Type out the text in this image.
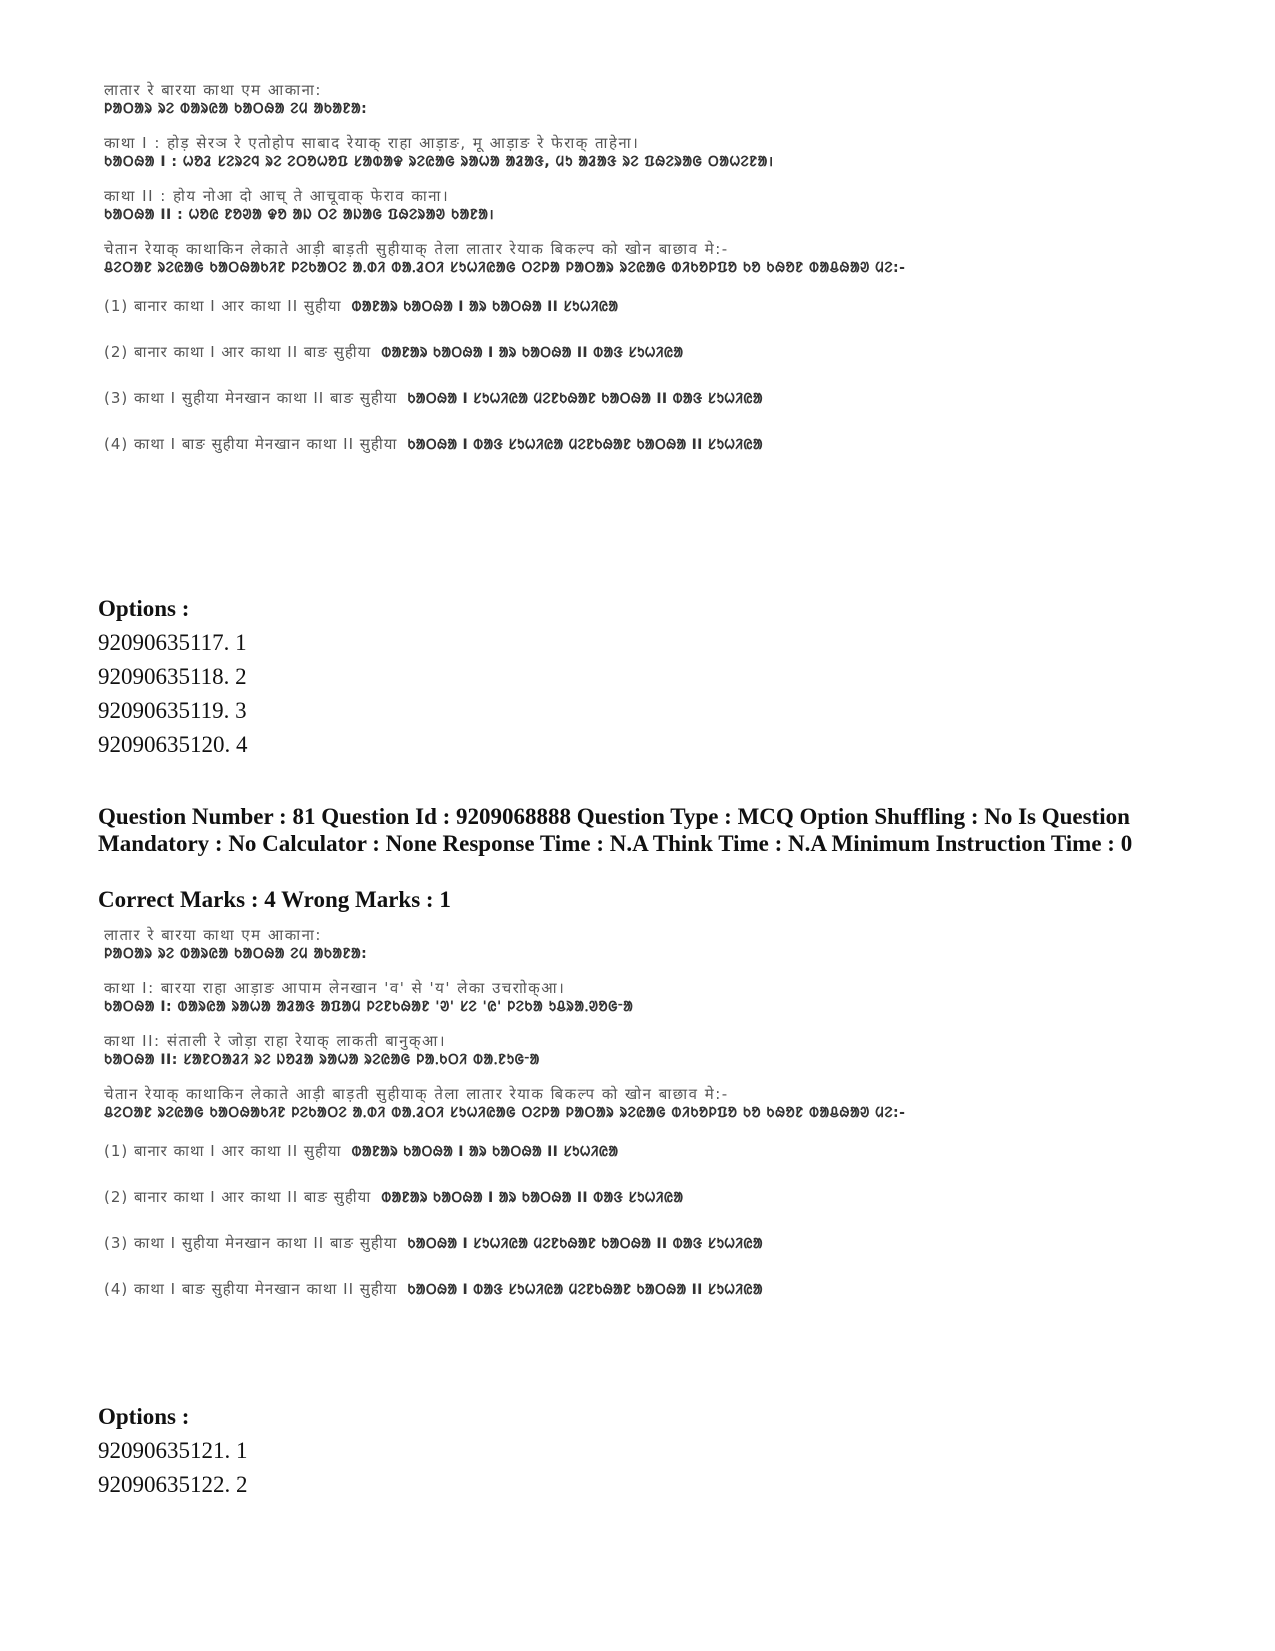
लातार रे बारया काथा एम आकाना:
ᱞᱟᱛᱟᱨ ᱨᱮ ᱵᱟᱨᱭᱟ ᱠᱟᱛᱷᱟ ᱮᱢ ᱟᱠᱟᱱᱟ:
काथा I : होड़ सेरञ रे एतोहोप साबाद रेयाक् राहा आड़ाङ, मू आड़ाङ रे फेराक् ताहेना।
ᱠᱟᱛᱷᱟ I : ᱦᱚᱲ ᱥᱮᱨᱮᱧ ᱨᱮ ᱮᱛᱚᱦᱚᱯ ᱥᱟᱵᱟᱫ ᱨᱮᱭᱟᱜ ᱨᱟᱦᱟ ᱟᱲᱟᱝ, ᱢᱩ ᱟᱲᱟᱝ ᱨᱮ ᱯᱷᱮᱨᱟᱜ ᱛᱟᱦᱮᱱᱟ।
काथा II : होय नोआ दो आच् ते आचूवाक् फेराव काना।
ᱠᱟᱛᱷᱟ II : ᱦᱚᱭ ᱱᱚᱣᱟ ᱫᱚ ᱟᱡ ᱛᱮ ᱟᱡᱟᱜ ᱯᱷᱮᱨᱟᱣ ᱠᱟᱱᱟ।
चेतान रेयाक् काथाकिन लेकाते आड़ी बाड़ती सुहीयाक् तेला लातार रेयाक बिकल्प को खोन बाछाव मे:-
ᱪᱮᱛᱟᱱ ᱨᱮᱭᱟᱜ ᱠᱟᱛᱷᱟᱠᱤᱱ ᱞᱮᱠᱟᱛᱮ ᱟᱹᱰᱤ ᱵᱟᱹᱲᱛᱤ ᱥᱩᱦᱤᱭᱟᱜ ᱛᱮᱞᱟ ᱞᱟᱛᱟᱨ ᱨᱮᱭᱟᱜ ᱵᱤᱠᱚᱞᱯᱚ ᱠᱚ ᱠᱷᱚᱱ ᱵᱟᱪᱷᱟᱣ ᱢᱮ:-
(1) बानार काथा I आर काथा II सुहीया ᱵᱟᱱᱟᱨ ᱠᱟᱛᱷᱟ I ᱟᱨ ᱠᱟᱛᱷᱟ II ᱥᱩᱦᱤᱭᱟ
(2) बानार काथा I आर काथा II बाङ सुहीया ᱵᱟᱱᱟᱨ ᱠᱟᱛᱷᱟ I ᱟᱨ ᱠᱟᱛᱷᱟ II ᱵᱟᱝ ᱥᱩᱦᱤᱭᱟ
(3) काथा I सुहीया मेनखान काथा II बाङ सुहीया ᱠᱟᱛᱷᱟ I ᱥᱩᱦᱤᱭᱟ ᱢᱮᱱᱠᱷᱟᱱ ᱠᱟᱛᱷᱟ II ᱵᱟᱝ ᱥᱩᱦᱤᱭᱟ
(4) काथा I बाङ सुहीया मेनखान काथा II सुहीया ᱠᱟᱛᱷᱟ I ᱵᱟᱝ ᱥᱩᱦᱤᱭᱟ ᱢᱮᱱᱠᱷᱟᱱ ᱠᱟᱛᱷᱟ II ᱥᱩᱦᱤᱭᱟ
Options :
92090635117. 1
92090635118. 2
92090635119. 3
92090635120. 4
Question Number : 81 Question Id : 9209068888 Question Type : MCQ Option Shuffling : No Is Question Mandatory : No Calculator : None Response Time : N.A Think Time : N.A Minimum Instruction Time : 0
Correct Marks : 4 Wrong Marks : 1
लातार रे बारया काथा एम आकाना:
ᱞᱟᱛᱟᱨ ᱨᱮ ᱵᱟᱨᱭᱟ ᱠᱟᱛᱷᱟ ᱮᱢ ᱟᱠᱟᱱᱟ:
काथा I: बारया राहा आड़ाङ आपाम लेनखान 'व' से 'य' लेका उचराोक्आ।
ᱠᱟᱛᱷᱟ I: ᱵᱟᱨᱭᱟ ᱨᱟᱦᱟ ᱟᱲᱟᱝ ᱟᱯᱟᱢ ᱞᱮᱱᱠᱷᱟᱱ 'ᱣ' ᱥᱮ 'ᱭ' ᱞᱮᱠᱟ ᱩᱪᱨᱟᱹᱣᱚᱜᱼᱟ
काथा II: संताली रे जोड़ा राहा रेयाक् लाकती बानुक्आ।
ᱠᱟᱛᱷᱟ II: ᱥᱟᱱᱛᱟᱲᱤ ᱨᱮ ᱡᱚᱲᱟ ᱨᱟᱦᱟ ᱨᱮᱭᱟᱜ ᱞᱟᱹᱠᱛᱤ ᱵᱟᱹᱱᱩᱜᱼᱟ
चेतान रेयाक् काथाकिन लेकाते आड़ी बाड़ती सुहीयाक् तेला लातार रेयाक बिकल्प को खोन बाछाव मे:-
ᱪᱮᱛᱟᱱ ᱨᱮᱭᱟᱜ ᱠᱟᱛᱷᱟᱠᱤᱱ ᱞᱮᱠᱟᱛᱮ ᱟᱹᱰᱤ ᱵᱟᱹᱲᱛᱤ ᱥᱩᱦᱤᱭᱟᱜ ᱛᱮᱞᱟ ᱞᱟᱛᱟᱨ ᱨᱮᱭᱟᱜ ᱵᱤᱠᱚᱞᱯᱚ ᱠᱚ ᱠᱷᱚᱱ ᱵᱟᱪᱷᱟᱣ ᱢᱮ:-
(1) बानार काथा I आर काथा II सुहीया ᱵᱟᱱᱟᱨ ᱠᱟᱛᱷᱟ I ᱟᱨ ᱠᱟᱛᱷᱟ II ᱥᱩᱦᱤᱭᱟ
(2) बानार काथा I आर काथा II बाङ सुहीया ᱵᱟᱱᱟᱨ ᱠᱟᱛᱷᱟ I ᱟᱨ ᱠᱟᱛᱷᱟ II ᱵᱟᱝ ᱥᱩᱦᱤᱭᱟ
(3) काथा I सुहीया मेनखान काथा II बाङ सुहीया ᱠᱟᱛᱷᱟ I ᱥᱩᱦᱤᱭᱟ ᱢᱮᱱᱠᱷᱟᱱ ᱠᱟᱛᱷᱟ II ᱵᱟᱝ ᱥᱩᱦᱤᱭᱟ
(4) काथा I बाङ सुहीया मेनखान काथा II सुहीया ᱠᱟᱛᱷᱟ I ᱵᱟᱝ ᱥᱩᱦᱤᱭᱟ ᱢᱮᱱᱠᱷᱟᱱ ᱠᱟᱛᱷᱟ II ᱥᱩᱦᱤᱭᱟ
Options :
92090635121. 1
92090635122. 2
